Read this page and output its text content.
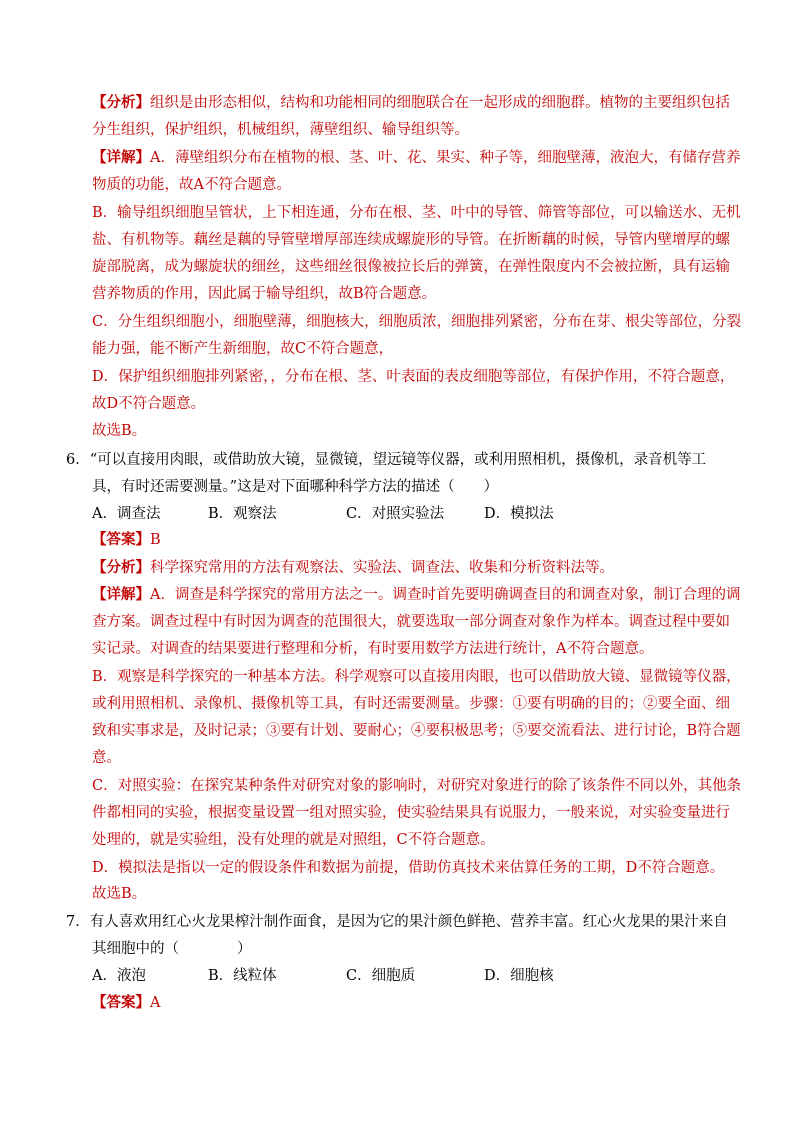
【分析】组织是由形态相似，结构和功能相同的细胞联合在一起形成的细胞群。植物的主要组织包括
分生组织，保护组织，机械组织，薄壁组织、输导组织等。
【详解】A．薄壁组织分布在植物的根、茎、叶、花、果实、种子等，细胞壁薄，液泡大，有储存营养
物质的功能，故A不符合题意。
B．输导组织细胞呈管状，上下相连通，分布在根、茎、叶中的导管、筛管等部位，可以输送水、无机
盐、有机物等。藕丝是藕的导管壁增厚部连续成螺旋形的导管。在折断藕的时候，导管内壁增厚的螺
旋部脱离，成为螺旋状的细丝，这些细丝很像被拉长后的弹簧，在弹性限度内不会被拉断，具有运输
营养物质的作用，因此属于输导组织，故B符合题意。
C．分生组织细胞小，细胞壁薄，细胞核大，细胞质浓，细胞排列紧密，分布在芽、根尖等部位，分裂
能力强，能不断产生新细胞，故C不符合题意，
D．保护组织细胞排列紧密，，分布在根、茎、叶表面的表皮细胞等部位，有保护作用，不符合题意，
故D不符合题意。
故选B。
6．“可以直接用肉眼，或借助放大镜，显微镜，望远镜等仪器，或利用照相机，摄像机，录音机等工
具，有时还需要测量。”这是对下面哪种科学方法的描述（　　）
A．调查法	B．观察法	C．对照实验法	D．模拟法
【答案】B
【分析】科学探究常用的方法有观察法、实验法、调查法、收集和分析资料法等。
【详解】A．调查是科学探究的常用方法之一。调查时首先要明确调查目的和调查对象，制订合理的调
查方案。调查过程中有时因为调查的范围很大，就要选取一部分调查对象作为样本。调查过程中要如
实记录。对调查的结果要进行整理和分析，有时要用数学方法进行统计，A不符合题意。
B．观察是科学探究的一种基本方法。科学观察可以直接用肉眼，也可以借助放大镜、显微镜等仪器，
或利用照相机、录像机、摄像机等工具，有时还需要测量。步骤：①要有明确的目的；②要全面、细
致和实事求是，及时记录；③要有计划、要耐心；④要积极思考；⑤要交流看法、进行讨论，B符合题
意。
C．对照实验：在探究某种条件对研究对象的影响时，对研究对象进行的除了该条件不同以外，其他条
件都相同的实验，根据变量设置一组对照实验，使实验结果具有说服力，一般来说，对实验变量进行
处理的，就是实验组，没有处理的就是对照组，C不符合题意。
D．模拟法是指以一定的假设条件和数据为前提，借助仿真技术来估算任务的工期，D不符合题意。
故选B。
7．有人喜欢用红心火龙果榨汁制作面食，是因为它的果汁颜色鲜艳、营养丰富。红心火龙果的果汁来自
其细胞中的（　　　　）
A．液泡	B．线粒体	C．细胞质	D．细胞核
【答案】A
